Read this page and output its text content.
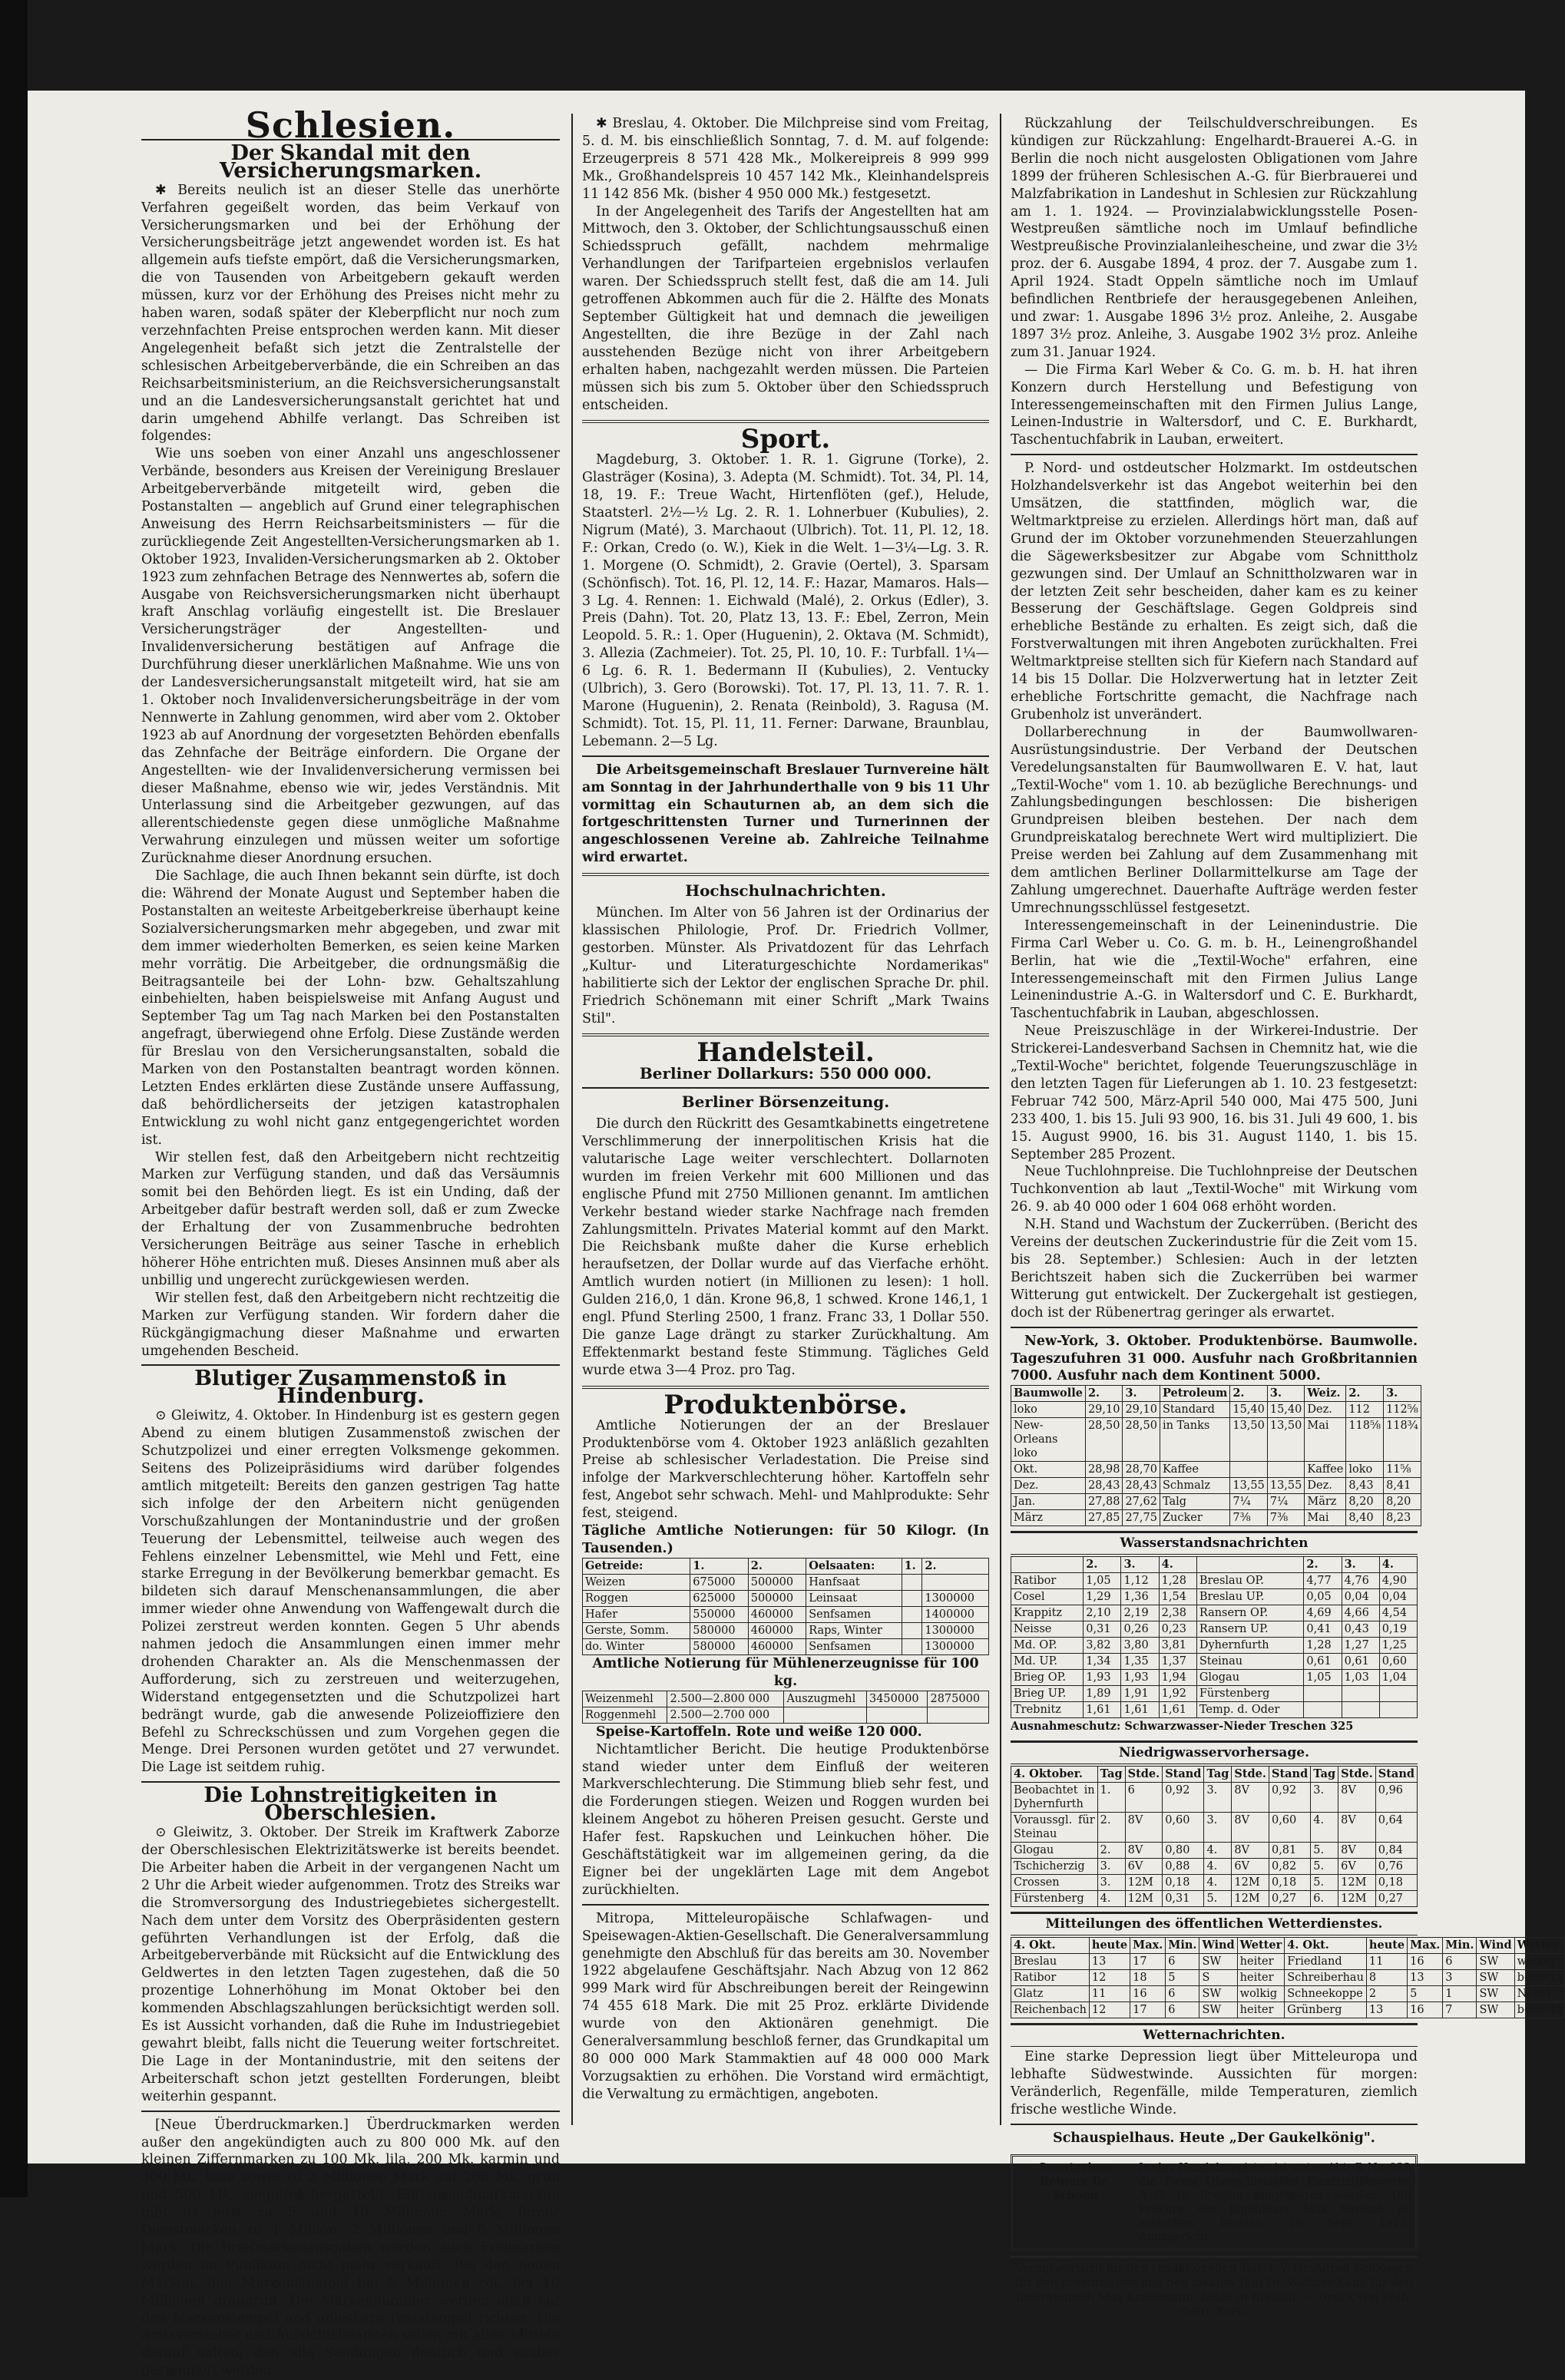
Schlesien.
Der Skandal mit den Versicherungsmarken.

✱ Bereits neulich ist an dieser Stelle das unerhörte Verfahren gegeißelt worden, das beim Verkauf von Versicherungsmarken und bei der Erhöhung der Versicherungsbeiträge jetzt angewendet worden ist. Es hat allgemein aufs tiefste empört, daß die Versicherungsmarken, die von Tausenden von Arbeitgebern gekauft werden müssen, kurz vor der Erhöhung des Preises nicht mehr zu haben waren, sodaß später der Kleberpflicht nur noch zum verzehnfachten Preise entsprochen werden kann. Mit dieser Angelegenheit befaßt sich jetzt die Zentralstelle der schlesischen Arbeitgeberverbände, die ein Schreiben an das Reichsarbeitsministerium, an die Reichsversicherungsanstalt und an die Landesversicherungsanstalt gerichtet hat und darin umgehend Abhilfe verlangt. Das Schreiben ist folgendes:

Wie uns soeben von einer Anzahl uns angeschlossener Verbände, besonders aus Kreisen der Vereinigung Breslauer Arbeitgeberverbände mitgeteilt wird, geben die Postanstalten — angeblich auf Grund einer telegraphischen Anweisung des Herrn Reichsarbeitsministers — für die zurückliegende Zeit Angestellten-Versicherungsmarken ab 1. Oktober 1923, Invaliden-Versicherungsmarken ab 2. Oktober 1923 zum zehnfachen Betrage des Nennwertes ab, sofern die Ausgabe von Reichsversicherungsmarken nicht überhaupt kraft Anschlag vorläufig eingestellt ist. Die Breslauer Versicherungsträger der Angestellten- und Invalidenversicherung bestätigen auf Anfrage die Durchführung dieser unerklärlichen Maßnahme. Wie uns von der Landesversicherungsanstalt mitgeteilt wird, hat sie am 1. Oktober noch Invalidenversicherungsbeiträge in der vom Nennwerte in Zahlung genommen, wird aber vom 2. Oktober 1923 ab auf Anordnung der vorgesetzten Behörden ebenfalls das Zehnfache der Beiträge einfordern. Die Organe der Angestellten- wie der Invalidenversicherung vermissen bei dieser Maßnahme, ebenso wie wir, jedes Verständnis. Mit Unterlassung sind die Arbeitgeber gezwungen, auf das allerentschiedenste gegen diese unmögliche Maßnahme Verwahrung einzulegen und müssen weiter um sofortige Zurücknahme dieser Anordnung ersuchen.

Die Sachlage, die auch Ihnen bekannt sein dürfte, ist doch die: Während der Monate August und September haben die Postanstalten an weiteste Arbeitgeberkreise überhaupt keine Sozialversicherungsmarken mehr abgegeben, und zwar mit dem immer wiederholten Bemerken, es seien keine Marken mehr vorrätig. Die Arbeitgeber, die ordnungsmäßig die Beitragsanteile bei der Lohn- bzw. Gehaltszahlung einbehielten, haben beispielsweise mit Anfang August und September Tag um Tag nach Marken bei den Postanstalten angefragt, überwiegend ohne Erfolg. Diese Zustände werden für Breslau von den Versicherungsanstalten, sobald die Marken von den Postanstalten beantragt worden können. Letzten Endes erklärten diese Zustände unsere Auffassung, daß behördlicherseits der jetzigen katastrophalen Entwicklung zu wohl nicht ganz entgegengerichtet worden ist.

Wir stellen fest, daß den Arbeitgebern nicht rechtzeitig Marken zur Verfügung standen, und daß das Versäumnis somit bei den Behörden liegt. Es ist ein Unding, daß der Arbeitgeber dafür bestraft werden soll, daß er zum Zwecke der Erhaltung der von Zusammenbruche bedrohten Versicherungen Beiträge aus seiner Tasche in erheblich höherer Höhe entrichten muß. Dieses Ansinnen muß aber als unbillig und ungerecht zurückgewiesen werden.

Wir stellen fest, daß den Arbeitgebern nicht rechtzeitig die Marken zur Verfügung standen. Wir fordern daher die Rückgängigmachung dieser Maßnahme und erwarten umgehenden Bescheid.

Blutiger Zusammenstoß in Hindenburg.

⊙ Gleiwitz, 4. Oktober. In Hindenburg ist es gestern gegen Abend zu einem blutigen Zusammenstoß zwischen der Schutzpolizei und einer erregten Volksmenge gekommen. Seitens des Polizeipräsidiums wird darüber folgendes amtlich mitgeteilt: Bereits den ganzen gestrigen Tag hatte sich infolge der den Arbeitern nicht genügenden Vorschußzahlungen der Montanindustrie und der großen Teuerung der Lebensmittel, teilweise auch wegen des Fehlens einzelner Lebensmittel, wie Mehl und Fett, eine starke Erregung in der Bevölkerung bemerkbar gemacht. Es bildeten sich darauf Menschenansammlungen, die aber immer wieder ohne Anwendung von Waffengewalt durch die Polizei zerstreut werden konnten. Gegen 5 Uhr abends nahmen jedoch die Ansammlungen einen immer mehr drohenden Charakter an. Als die Menschenmassen der Aufforderung, sich zu zerstreuen und weiterzugehen, Widerstand entgegensetzten und die Schutzpolizei hart bedrängt wurde, gab die anwesende Polizeioffiziere den Befehl zu Schreckschüssen und zum Vorgehen gegen die Menge. Drei Personen wurden getötet und 27 verwundet. Die Lage ist seitdem ruhig.

Die Lohnstreitigkeiten in Oberschlesien.

⊙ Gleiwitz, 3. Oktober. Der Streik im Kraftwerk Zaborze der Oberschlesischen Elektrizitätswerke ist bereits beendet. Die Arbeiter haben die Arbeit in der vergangenen Nacht um 2 Uhr die Arbeit wieder aufgenommen. Trotz des Streiks war die Stromversorgung des Industriegebietes sichergestellt. Nach dem unter dem Vorsitz des Oberpräsidenten gestern geführten Verhandlungen ist der Erfolg, daß die Arbeitgeberverbände mit Rücksicht auf die Entwicklung des Geldwertes in den letzten Tagen zugestehen, daß die 50 prozentige Lohnerhöhung im Monat Oktober bei den kommenden Abschlagszahlungen berücksichtigt werden soll. Es ist Aussicht vorhanden, daß die Ruhe im Industriegebiet gewahrt bleibt, falls nicht die Teuerung weiter fortschreitet. Die Lage in der Montanindustrie, mit den seitens der Arbeiterschaft schon jetzt gestellten Forderungen, bleibt weiterhin gespannt.

[Neue Überdruckmarken.] Überdruckmarken werden außer den angekündigten auch zu 800 000 Mk. auf den kleinen Ziffernmarken zu 100 Mk. lila, 200 Mk. karmin und 300 Mk. blau sowie zu 2 Millionen Mark auf 200 Mk. grün und 500 Mk. ziegelrot hergestellt. Eintausendmarkmarken gibt es jetzt zu 5 und 10 Millionen Mark, ferner Dienstmarken zu 1 Million, 2 Millionen und 5 Millionen Mark. Die Briefmarkenausgaben werden auch Freimarken werden im Publikum nicht mehr verkauft. Bei den neuen Marken, den Markenstempel bei 5 Millionen rot, bei 10 Millionen graugrün. Die Markennummer werden auch auf den Markenstempel und unlesbare Poststempel richten. Die Amtsvorsteher und Aufsichtsbeamten sollen mit allen Mitteln darauf halten, daß alle Sendungen deutlich und sauber gestempelt werden.

✱ Breslau, 4. Oktober. Die Milchpreise sind vom Freitag, 5. d. M. bis einschließlich Sonntag, 7. d. M. auf folgende: Erzeugerpreis 8 571 428 Mk., Molkereipreis 8 999 999 Mk., Großhandelspreis 10 457 142 Mk., Kleinhandelspreis 11 142 856 Mk. (bisher 4 950 000 Mk.) festgesetzt.

In der Angelegenheit des Tarifs der Angestellten hat am Mittwoch, den 3. Oktober, der Schlichtungsausschuß einen Schiedsspruch gefällt, nachdem mehrmalige Verhandlungen der Tarifparteien ergebnislos verlaufen waren. Der Schiedsspruch stellt fest, daß die am 14. Juli getroffenen Abkommen auch für die 2. Hälfte des Monats September Gültigkeit hat und demnach die jeweiligen Angestellten, die ihre Bezüge in der Zahl nach ausstehenden Bezüge nicht von ihrer Arbeitgebern erhalten haben, nachgezahlt werden müssen. Die Parteien müssen sich bis zum 5. Oktober über den Schiedsspruch entscheiden.

Sport.

Magdeburg, 3. Oktober. 1. R. 1. Gigrune (Torke), 2. Glasträger (Kosina), 3. Adepta (M. Schmidt). Tot. 34, Pl. 14, 18, 19. F.: Treue Wacht, Hirtenflöten (gef.), Helude, Staatsterl. 2½—½ Lg. 2. R. 1. Lohnerbuer (Kubulies), 2. Nigrum (Maté), 3. Marchaout (Ulbrich). Tot. 11, Pl. 12, 18. F.: Orkan, Credo (o. W.), Kiek in die Welt. 1—3¼—Lg. 3. R. 1. Morgene (O. Schmidt), 2. Gravie (Oertel), 3. Sparsam (Schönfisch). Tot. 16, Pl. 12, 14. F.: Hazar, Mamaros. Hals—3 Lg. 4. Rennen: 1. Eichwald (Malé), 2. Orkus (Edler), 3. Preis (Dahn). Tot. 20, Platz 13, 13. F.: Ebel, Zerron, Mein Leopold. 5. R.: 1. Oper (Huguenin), 2. Oktava (M. Schmidt), 3. Allezia (Zachmeier). Tot. 25, Pl. 10, 10. F.: Turbfall. 1¼—6 Lg. 6. R. 1. Bedermann II (Kubulies), 2. Ventucky (Ulbrich), 3. Gero (Borowski). Tot. 17, Pl. 13, 11. 7. R. 1. Marone (Huguenin), 2. Renata (Reinbold), 3. Ragusa (M. Schmidt). Tot. 15, Pl. 11, 11. Ferner: Darwane, Braunblau, Lebemann. 2—5 Lg.

Die Arbeitsgemeinschaft Breslauer Turnvereine hält am Sonntag in der Jahrhunderthalle von 9 bis 11 Uhr vormittag ein Schauturnen ab, an dem sich die fortgeschrittensten Turner und Turnerinnen der angeschlossenen Vereine ab. Zahlreiche Teilnahme wird erwartet.

Hochschulnachrichten.

München. Im Alter von 56 Jahren ist der Ordinarius der klassischen Philologie, Prof. Dr. Friedrich Vollmer, gestorben. Münster. Als Privatdozent für das Lehrfach „Kultur- und Literaturgeschichte Nordamerikas" habilitierte sich der Lektor der englischen Sprache Dr. phil. Friedrich Schönemann mit einer Schrift „Mark Twains Stil".

Handelsteil.
Berliner Dollarkurs: 550 000 000.
Berliner Börsenzeitung.

Die durch den Rückritt des Gesamtkabinetts eingetretene Verschlimmerung der innerpolitischen Krisis hat die valutarische Lage weiter verschlechtert. Dollarnoten wurden im freien Verkehr mit 600 Millionen und das englische Pfund mit 2750 Millionen genannt. Im amtlichen Verkehr bestand wieder starke Nachfrage nach fremden Zahlungsmitteln. Privates Material kommt auf den Markt. Die Reichsbank mußte daher die Kurse erheblich heraufsetzen, der Dollar wurde auf das Vierfache erhöht. Amtlich wurden notiert (in Millionen zu lesen): 1 holl. Gulden 216,0, 1 dän. Krone 96,8, 1 schwed. Krone 146,1, 1 engl. Pfund Sterling 2500, 1 franz. Franc 33, 1 Dollar 550. Die ganze Lage drängt zu starker Zurückhaltung. Am Effektenmarkt bestand feste Stimmung. Tägliches Geld wurde etwa 3—4 Proz. pro Tag.

Produktenbörse.

Amtliche Notierungen der an der Breslauer Produktenbörse vom 4. Oktober 1923 anläßlich gezahlten Preise ab schlesischer Verladestation. Die Preise sind infolge der Markverschlechterung höher. Kartoffeln sehr fest, Angebot sehr schwach. Mehl- und Mahlprodukte: Sehr fest, steigend.

Tägliche Amtliche Notierungen: für 50 Kilogr. (In Tausenden.)
Getreide:	1.	2.	Oelsaaten:	1.	2.
Weizen	675000	500000	Hanfsaat		
Roggen	625000	500000	Leinsaat		1300000
Hafer	550000	460000	Senfsamen		1400000
Gerste, Somm.	580000	460000	Raps, Winter		1300000
do. Winter	580000	460000	Senfsamen		1300000
Amtliche Notierung für Mühlenerzeugnisse für 100 kg.
Weizenmehl	2.500—2.800 000	Auszugmehl	3450000	2875000
Roggenmehl	2.500—2.700 000			

Speise-Kartoffeln. Rote und weiße 120 000.

Nichtamtlicher Bericht. Die heutige Produktenbörse stand wieder unter dem Einfluß der weiteren Markverschlechterung. Die Stimmung blieb sehr fest, und die Forderungen stiegen. Weizen und Roggen wurden bei kleinem Angebot zu höheren Preisen gesucht. Gerste und Hafer fest. Rapskuchen und Leinkuchen höher. Die Geschäftstätigkeit war im allgemeinen gering, da die Eigner bei der ungeklärten Lage mit dem Angebot zurückhielten.

Mitropa, Mitteleuropäische Schlafwagen- und Speisewagen-Aktien-Gesellschaft. Die Generalversammlung genehmigte den Abschluß für das bereits am 30. November 1922 abgelaufene Geschäftsjahr. Nach Abzug von 12 862 999 Mark wird für Abschreibungen bereit der Reingewinn 74 455 618 Mark. Die mit 25 Proz. erklärte Dividende wurde von den Aktionären genehmigt. Die Generalversammlung beschloß ferner, das Grundkapital um 80 000 000 Mark Stammaktien auf 48 000 000 Mark Vorzugsaktien zu erhöhen. Die Vorstand wird ermächtigt, die Verwaltung zu ermächtigen, angeboten.

Rückzahlung der Teilschuldverschreibungen. Es kündigen zur Rückzahlung: Engelhardt-Brauerei A.-G. in Berlin die noch nicht ausgelosten Obligationen vom Jahre 1899 der früheren Schlesischen A.-G. für Bierbrauerei und Malzfabrikation in Landeshut in Schlesien zur Rückzahlung am 1. 1. 1924. — Provinzialabwicklungsstelle Posen-Westpreußen sämtliche noch im Umlauf befindliche Westpreußische Provinzialanleihescheine, und zwar die 3½ proz. der 6. Ausgabe 1894, 4 proz. der 7. Ausgabe zum 1. April 1924. Stadt Oppeln sämtliche noch im Umlauf befindlichen Rentbriefe der herausgegebenen Anleihen, und zwar: 1. Ausgabe 1896 3½ proz. Anleihe, 2. Ausgabe 1897 3½ proz. Anleihe, 3. Ausgabe 1902 3½ proz. Anleihe zum 31. Januar 1924.

— Die Firma Karl Weber & Co. G. m. b. H. hat ihren Konzern durch Herstellung und Befestigung von Interessengemeinschaften mit den Firmen Julius Lange, Leinen-Industrie in Waltersdorf, und C. E. Burkhardt, Taschentuchfabrik in Lauban, erweitert.

P. Nord- und ostdeutscher Holzmarkt. Im ostdeutschen Holzhandelsverkehr ist das Angebot weiterhin bei den Umsätzen, die stattfinden, möglich war, die Weltmarktpreise zu erzielen. Allerdings hört man, daß auf Grund der im Oktober vorzunehmenden Steuerzahlungen die Sägewerksbesitzer zur Abgabe vom Schnittholz gezwungen sind. Der Umlauf an Schnittholzwaren war in der letzten Zeit sehr bescheiden, daher kam es zu keiner Besserung der Geschäftslage. Gegen Goldpreis sind erhebliche Bestände zu erhalten. Es zeigt sich, daß die Forstverwaltungen mit ihren Angeboten zurückhalten. Frei Weltmarktpreise stellten sich für Kiefern nach Standard auf 14 bis 15 Dollar. Die Holzverwertung hat in letzter Zeit erhebliche Fortschritte gemacht, die Nachfrage nach Grubenholz ist unverändert.

Dollarberechnung in der Baumwollwaren-Ausrüstungsindustrie. Der Verband der Deutschen Veredelungsanstalten für Baumwollwaren E. V. hat, laut „Textil-Woche" vom 1. 10. ab bezügliche Berechnungs- und Zahlungsbedingungen beschlossen: Die bisherigen Grundpreisen bleiben bestehen. Der nach dem Grundpreiskatalog berechnete Wert wird multipliziert. Die Preise werden bei Zahlung auf dem Zusammenhang mit dem amtlichen Berliner Dollarmittelkurse am Tage der Zahlung umgerechnet. Dauerhafte Aufträge werden fester Umrechnungsschlüssel festgesetzt.

Interessengemeinschaft in der Leinenindustrie. Die Firma Carl Weber u. Co. G. m. b. H., Leinengroßhandel Berlin, hat wie die „Textil-Woche" erfahren, eine Interessengemeinschaft mit den Firmen Julius Lange Leinenindustrie A.-G. in Waltersdorf und C. E. Burkhardt, Taschentuchfabrik in Lauban, abgeschlossen.

Neue Preiszuschläge in der Wirkerei-Industrie. Der Strickerei-Landesverband Sachsen in Chemnitz hat, wie die „Textil-Woche" berichtet, folgende Teuerungszuschläge in den letzten Tagen für Lieferungen ab 1. 10. 23 festgesetzt: Februar 742 500, März-April 540 000, Mai 475 500, Juni 233 400, 1. bis 15. Juli 93 900, 16. bis 31. Juli 49 600, 1. bis 15. August 9900, 16. bis 31. August 1140, 1. bis 15. September 285 Prozent.

Neue Tuchlohnpreise. Die Tuchlohnpreise der Deutschen Tuchkonvention ab laut „Textil-Woche" mit Wirkung vom 26. 9. ab 40 000 oder 1 604 068 erhöht worden.

N.H. Stand und Wachstum der Zuckerrüben. (Bericht des Vereins der deutschen Zuckerindustrie für die Zeit vom 15. bis 28. September.) Schlesien: Auch in der letzten Berichtszeit haben sich die Zuckerrüben bei warmer Witterung gut entwickelt. Der Zuckergehalt ist gestiegen, doch ist der Rübenertrag geringer als erwartet.

New-York, 3. Oktober. Produktenbörse. Baumwolle. Tageszufuhren 31 000. Ausfuhr nach Großbritannien 7000. Ausfuhr nach dem Kontinent 5000.

Baumwolle	2.	3.	Petroleum	2.	3.	Weiz.	2.	3.
loko	29,10	29,10	Standard	15,40	15,40	Dez.	112	112⅝
New-Orleans loko	28,50	28,50	in Tanks	13,50	13,50	Mai	118⅝	118¾
Okt.	28,98	28,70	Kaffee			Kaffee	loko	11⅝
Dez.	28,43	28,43	Schmalz	13,55	13,55	Dez.	8,43	8,41
Jan.	27,88	27,62	Talg	7¼	7¼	März	8,20	8,20
März	27,85	27,75	Zucker	7⅜	7⅜	Mai	8,40	8,23
Wasserstandsnachrichten
	2.	3.	4.		2.	3.	4.
Ratibor	1,05	1,12	1,28	Breslau OP.	4,77	4,76	4,90
Cosel	1,29	1,36	1,54	Breslau UP.	0,05	0,04	0,04
Krappitz	2,10	2,19	2,38	Ransern OP.	4,69	4,66	4,54
Neisse	0,31	0,26	0,23	Ransern UP.	0,41	0,43	0,19
Md. OP.	3,82	3,80	3,81	Dyhernfurth	1,28	1,27	1,25
Md. UP.	1,34	1,35	1,37	Steinau	0,61	0,61	0,60
Brieg OP.	1,93	1,93	1,94	Glogau	1,05	1,03	1,04
Brieg UP.	1,89	1,91	1,92	Fürstenberg			
Trebnitz	1,61	1,61	1,61	Temp. d. Oder			
Ausnahmeschutz: Schwarzwasser-Nieder Treschen 325
Niedrigwasservorhersage.
4. Oktober.	Tag	Stde.	Stand	Tag	Stde.	Stand	Tag	Stde.	Stand
Beobachtet in Dyhernfurth	1.	6	0,92	3.	8V	0,92	3.	8V	0,96
Voraussgl. für Steinau	2.	8V	0,60	3.	8V	0,60	4.	8V	0,64
Glogau	2.	8V	0,80	4.	8V	0,81	5.	8V	0,84
Tschicherzig	3.	6V	0,88	4.	6V	0,82	5.	6V	0,76
Crossen	3.	12M	0,18	4.	12M	0,18	5.	12M	0,18
Fürstenberg	4.	12M	0,31	5.	12M	0,27	6.	12M	0,27
Mitteilungen des öffentlichen Wetterdienstes.
4. Okt.	heute	Max.	Min.	Wind	Wetter	4. Okt.	heute	Max.	Min.	Wind	Wetter
Breslau	13	17	6	SW	heiter	Friedland	11	16	6	SW	wolkig
Ratibor	12	18	5	S	heiter	Schreiberhau	8	13	3	SW	bedeckt
Glatz	11	16	6	SW	wolkig	Schneekoppe	2	5	1	SW	Nebel
Reichenbach	12	17	6	SW	heiter	Grünberg	13	16	7	SW	bedeckt
Wetternachrichten.

Eine starke Depression liegt über Mitteleuropa und lebhafte Südwestwinde. Aussichten für morgen: Veränderlich, Regenfälle, milde Temperaturen, ziemlich frische westliche Winde.

Schauspielhaus. Heute „Der Gaukelkönig".
Sanatorium Reinerz Dr. Schoen
In das Handelsregister ist unter Abt. B Nr. 933 die Firma Oberschlesische Elektrizitätswerke A.-G. in Breslau eingetragen worden. Die Prokura des Ingenieurs Max Bartsch ist erloschen. Breslau, 26. Sept. 1923. Amtsgericht.
Verantwortlich für den redaktionellen Teil: i. V. Dr. Alfred Schlosser, für den provinziellen und den lokalen Teil: Dr. Walther Kahl, für den Inseratenteil: Max Krasemann, beide in Breslau. — Druck von Wilh. Gottl. Korn.
